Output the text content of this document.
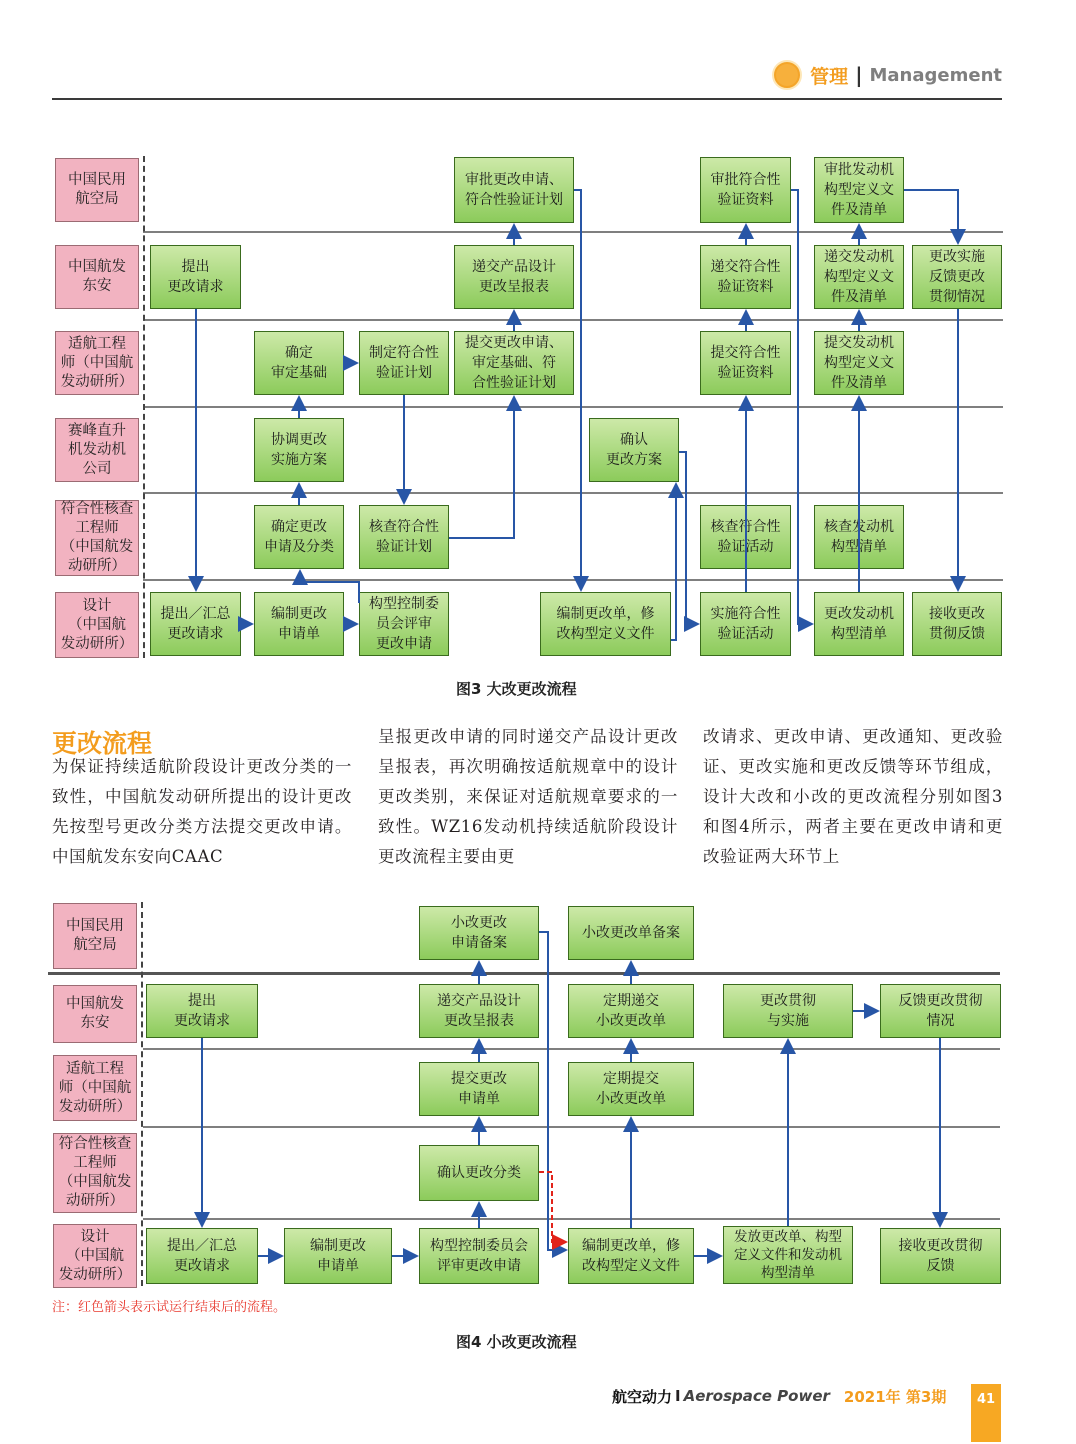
管理 | Management
中国民用
航空局
中国航发
东安
适航工程
师（中国航
发动研所）
赛峰直升
机发动机
公司
符合性核查
工程师
（中国航发
动研所）
设计
（中国航
发动研所）
审批更改申请、
符合性验证计划
审批符合性
验证资料
审批发动机
构型定义文
件及清单
提出
更改请求
递交产品设计
更改呈报表
递交符合性
验证资料
递交发动机
构型定义文
件及清单
更改实施
反馈更改
贯彻情况
确定
审定基础
制定符合性
验证计划
提交更改申请、
审定基础、符
合性验证计划
提交符合性
验证资料
提交发动机
构型定义文
件及清单
协调更改
实施方案
确认
更改方案
确定更改
申请及分类
核查符合性
验证计划
核查符合性
验证活动
核查发动机
构型清单
提出／汇总
更改请求
编制更改
申请单
构型控制委
员会评审
更改申请
编制更改单，修
改构型定义文件
实施符合性
验证活动
更改发动机
构型清单
接收更改
贯彻反馈
图3 大改更改流程
更改流程
为保证持续适航阶段设计更改分类的一致性，中国航发动研所提出的设计更改先按型号更改分类方法提交更改申请。中国航发东安向CAAC
呈报更改申请的同时递交产品设计更改呈报表，再次明确按适航规章中的设计更改类别，来保证对适航规章要求的一致性。WZ16发动机持续适航阶段设计更改流程主要由更
改请求、更改申请、更改通知、更改验证、更改实施和更改反馈等环节组成，设计大改和小改的更改流程分别如图3和图4所示，两者主要在更改申请和更改验证两大环节上
中国民用
航空局
中国航发
东安
适航工程
师（中国航
发动研所）
符合性核查
工程师
（中国航发
动研所）
设计
（中国航
发动研所）
小改更改
申请备案
小改更改单备案
提出
更改请求
递交产品设计
更改呈报表
定期递交
小改更改单
更改贯彻
与实施
反馈更改贯彻
情况
提交更改
申请单
定期提交
小改更改单
确认更改分类
提出／汇总
更改请求
编制更改
申请单
构型控制委员会
评审更改申请
编制更改单，修
改构型定义文件
发放更改单、构型
定义文件和发动机
构型清单
接收更改贯彻
反馈
注：红色箭头表示试运行结束后的流程。
图4 小改更改流程
航空动力 I Aerospace Power 2021年 第3期	41
